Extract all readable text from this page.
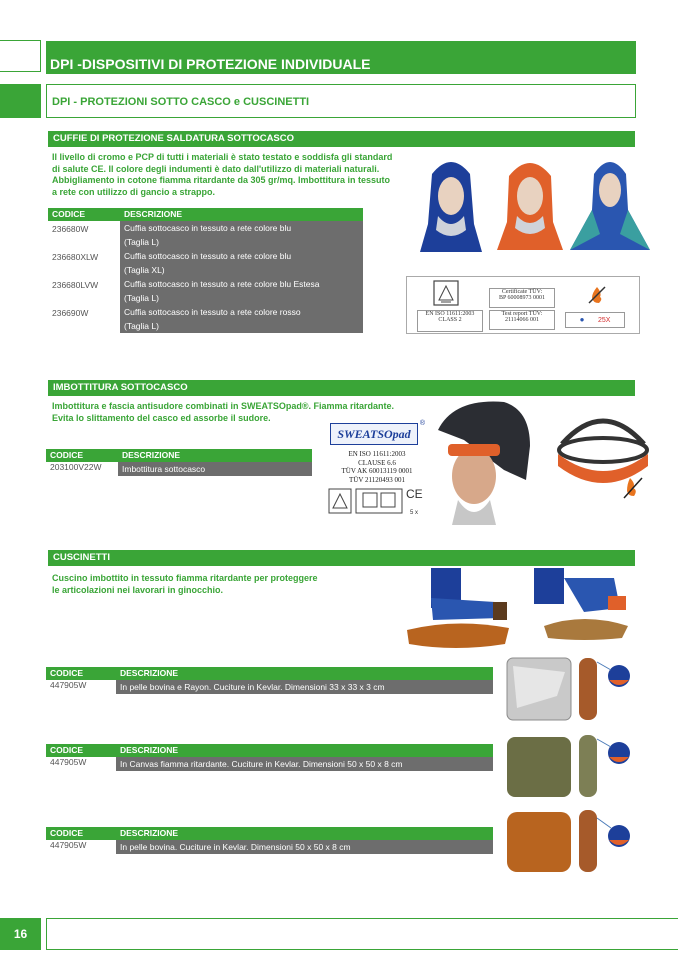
DPI -DISPOSITIVI DI PROTEZIONE INDIVIDUALE
DPI - PROTEZIONI SOTTO CASCO e CUSCINETTI
CUFFIE DI PROTEZIONE SALDATURA SOTTOCASCO
Il livello di cromo e PCP di tutti i materiali è stato testato e soddisfa gli standard
di salute CE. Il colore degli indumenti è dato dall'utilizzo di materiali naturali.
Abbigliamento in cotone fiamma ritardante da 305 gr/mq. Imbottitura in tessuto
a rete con utilizzo di gancio a strappo.
CODICE	DESCRIZIONE
236680W	Cuffia sottocasco in tessuto a rete colore blu
(Taglia L)

236680XLW	Cuffia sottocasco in tessuto a rete colore blu
(Taglia XL)

236680LVW	Cuffia sottocasco in tessuto a rete colore blu Estesa
(Taglia L)

236690W	Cuffia sottocasco in tessuto a rete colore rosso
(Taglia L)
EN ISO 11611:2003
CLASS 2
Certificate TÜV:
BP 60008973 0001
Test report TÜV:
21114066 001	● 25X
IMBOTTITURA SOTTOCASCO
Imbottitura e fascia antisudore combinati in SWEATSOpad®. Fiamma ritardante.
Evita lo slittamento del casco ed assorbe il sudore.
CODICE	DESCRIZIONE
203100V22W	Imbottitura sottocasco
SWEATSOpad
®
EN ISO 11611:2003
CLAUSE 6.6
TÜV AK 60013119 0001
TÜV 21120493 001
CE
5 x
CUSCINETTI
Cuscino imbottito in tessuto fiamma ritardante per proteggere
le articolazioni nei lavorari in ginocchio.
CODICE	DESCRIZIONE
447905W	In pelle bovina e Rayon. Cuciture in Kevlar. Dimensioni 33 x 33 x 3 cm
CODICE	DESCRIZIONE
447905W	In Canvas fiamma ritardante. Cuciture in Kevlar. Dimensioni 50 x 50 x 8 cm
CODICE	DESCRIZIONE
447905W	In pelle bovina. Cuciture in Kevlar. Dimensioni 50 x 50 x 8 cm
16
